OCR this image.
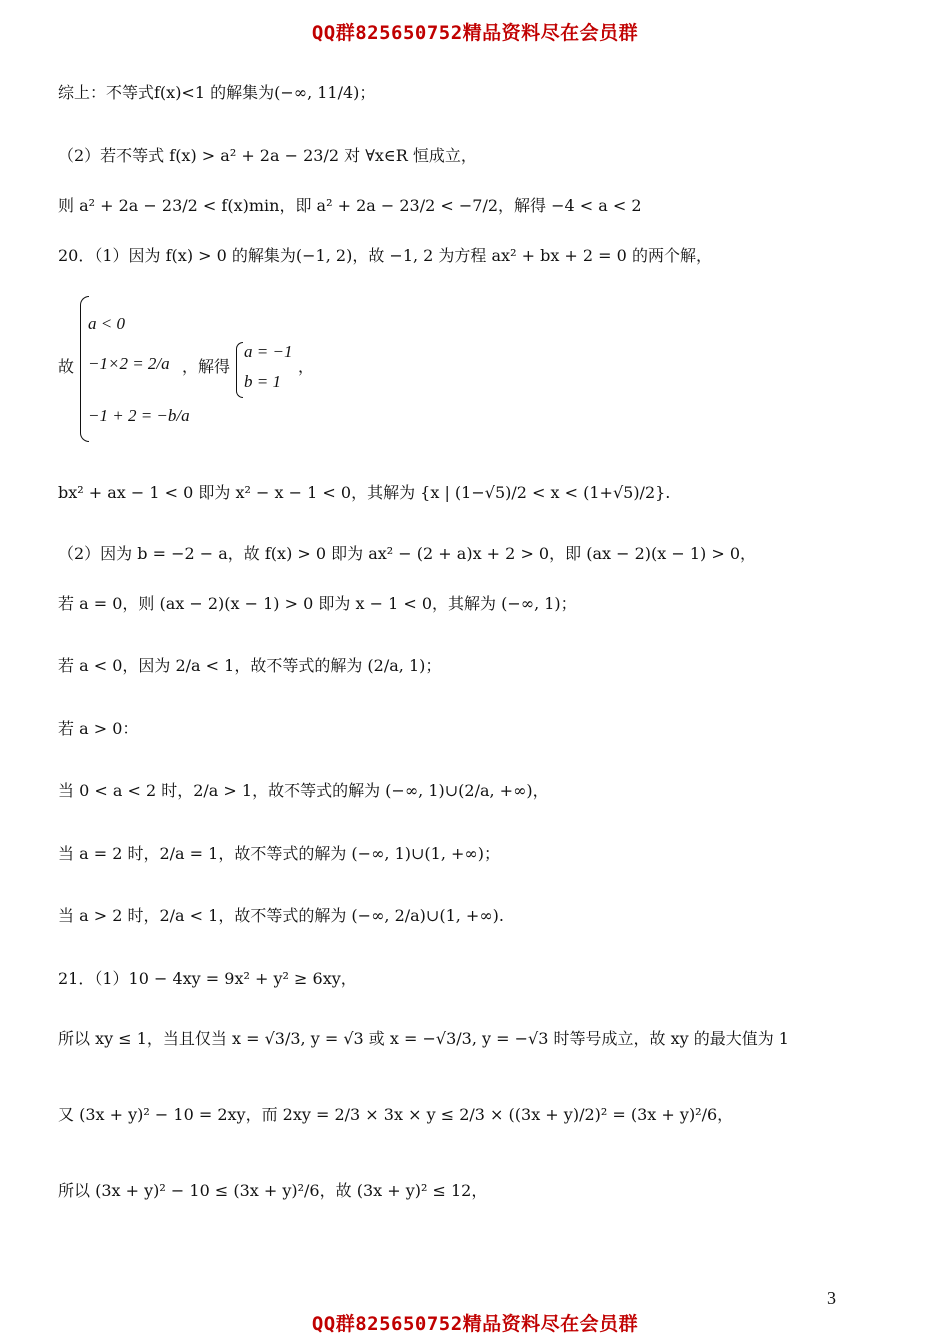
QQ群825650752精品资料尽在会员群
综上：不等式f(x)<1 的解集为(−∞, 11/4)；
（2）若不等式 f(x) > a² + 2a − 23/2 对 ∀x∈R 恒成立，
则 a² + 2a − 23/2 < f(x)min，即 a² + 2a − 23/2 < −7/2，解得 −4 < a < 2
20．（1）因为 f(x) > 0 的解集为(−1, 2)，故 −1, 2 为方程 ax² + bx + 2 = 0 的两个解，
故
a < 0
−1×2 = 2/a
−1 + 2 = −b/a
，解得
a = −1
b = 1
，
bx² + ax − 1 < 0 即为 x² − x − 1 < 0，其解为 {x | (1−√5)/2 < x < (1+√5)/2}.
（2）因为 b = −2 − a，故 f(x) > 0 即为 ax² − (2 + a)x + 2 > 0，即 (ax − 2)(x − 1) > 0，
若 a = 0，则 (ax − 2)(x − 1) > 0 即为 x − 1 < 0，其解为 (−∞, 1)；
若 a < 0，因为 2/a < 1，故不等式的解为 (2/a, 1)；
若 a > 0：
当 0 < a < 2 时，2/a > 1，故不等式的解为 (−∞, 1)∪(2/a, +∞)，
当 a = 2 时，2/a = 1，故不等式的解为 (−∞, 1)∪(1, +∞)；
当 a > 2 时，2/a < 1，故不等式的解为 (−∞, 2/a)∪(1, +∞).
21．（1）10 − 4xy = 9x² + y² ≥ 6xy，
所以 xy ≤ 1，当且仅当 x = √3/3, y = √3 或 x = −√3/3, y = −√3 时等号成立，故 xy 的最大值为 1
又 (3x + y)² − 10 = 2xy，而 2xy = 2/3 × 3x × y ≤ 2/3 × ((3x + y)/2)² = (3x + y)²/6，
所以 (3x + y)² − 10 ≤ (3x + y)²/6，故 (3x + y)² ≤ 12，
3
QQ群825650752精品资料尽在会员群
